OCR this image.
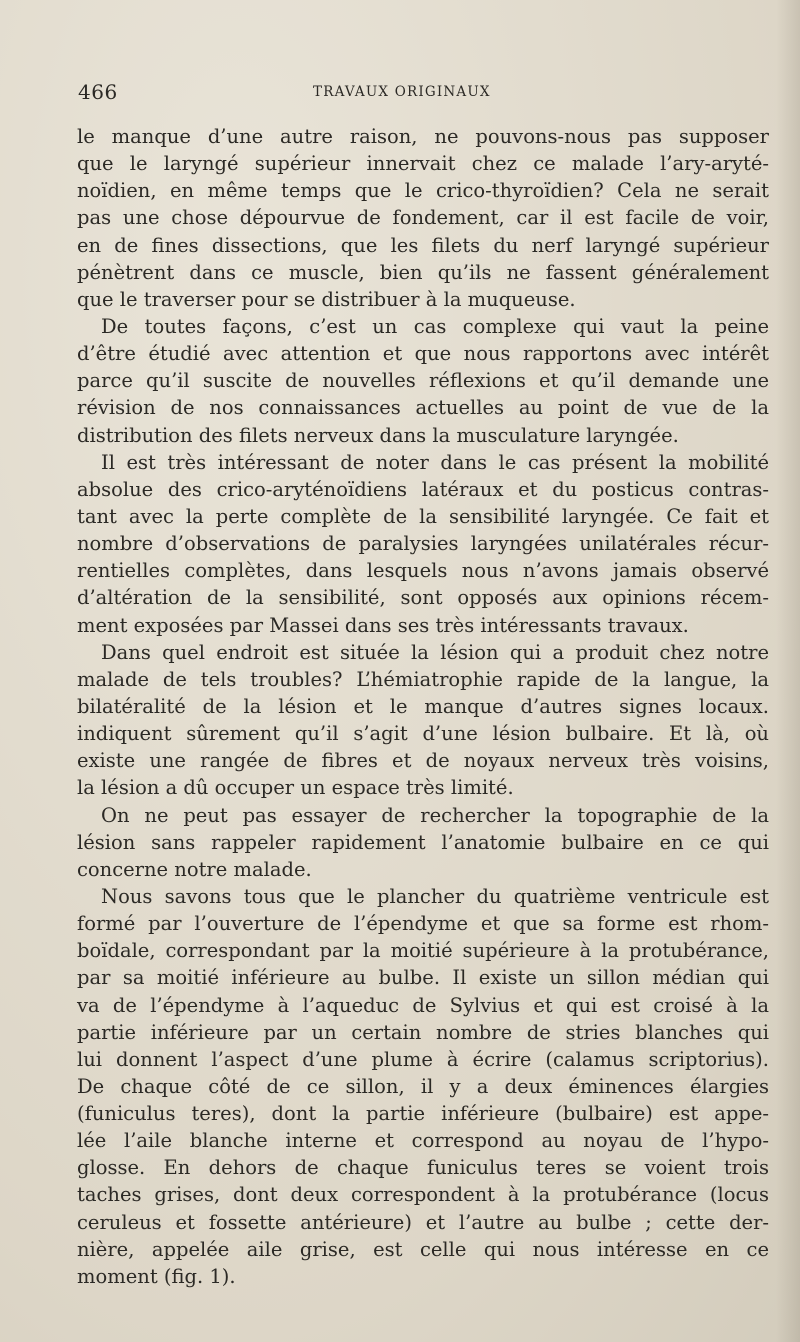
466	TRAVAUX ORIGINAUX
le manque d’une autre raison, ne pouvons-nous pas supposer
que le laryngé supérieur innervait chez ce malade l’ary-aryté-
noïdien, en même temps que le crico-thyroïdien? Cela ne serait
pas une chose dépourvue de fondement, car il est facile de voir,
en de fines dissections, que les filets du nerf laryngé supérieur
pénètrent dans ce muscle, bien qu’ils ne fassent généralement
que le traverser pour se distribuer à la muqueuse.
De toutes façons, c’est un cas complexe qui vaut la peine
d’être étudié avec attention et que nous rapportons avec intérêt
parce qu’il suscite de nouvelles réflexions et qu’il demande une
révision de nos connaissances actuelles au point de vue de la
distribution des filets nerveux dans la musculature laryngée.
Il est très intéressant de noter dans le cas présent la mobilité
absolue des crico-aryténoïdiens latéraux et du posticus contras-
tant avec la perte complète de la sensibilité laryngée. Ce fait et
nombre d’observations de paralysies laryngées unilatérales récur-
rentielles complètes, dans lesquels nous n’avons jamais observé
d’altération de la sensibilité, sont opposés aux opinions récem-
ment exposées par Massei dans ses très intéressants travaux.
Dans quel endroit est située la lésion qui a produit chez notre
malade de tels troubles? L’hémiatrophie rapide de la langue, la
bilatéralité de la lésion et le manque d’autres signes locaux.
indiquent sûrement qu’il s’agit d’une lésion bulbaire. Et là, où
existe une rangée de fibres et de noyaux nerveux très voisins,
la lésion a dû occuper un espace très limité.
On ne peut pas essayer de rechercher la topographie de la
lésion sans rappeler rapidement l’anatomie bulbaire en ce qui
concerne notre malade.
Nous savons tous que le plancher du quatrième ventricule est
formé par l’ouverture de l’épendyme et que sa forme est rhom-
boïdale, correspondant par la moitié supérieure à la protubérance,
par sa moitié inférieure au bulbe. Il existe un sillon médian qui
va de l’épendyme à l’aqueduc de Sylvius et qui est croisé à la
partie inférieure par un certain nombre de stries blanches qui
lui donnent l’aspect d’une plume à écrire (calamus scriptorius).
De chaque côté de ce sillon, il y a deux éminences élargies
(funiculus teres), dont la partie inférieure (bulbaire) est appe-
lée l’aile blanche interne et correspond au noyau de l’hypo-
glosse. En dehors de chaque funiculus teres se voient trois
taches grises, dont deux correspondent à la protubérance (locus
ceruleus et fossette antérieure) et l’autre au bulbe ; cette der-
nière, appelée aile grise, est celle qui nous intéresse en ce
moment (fig. 1).
